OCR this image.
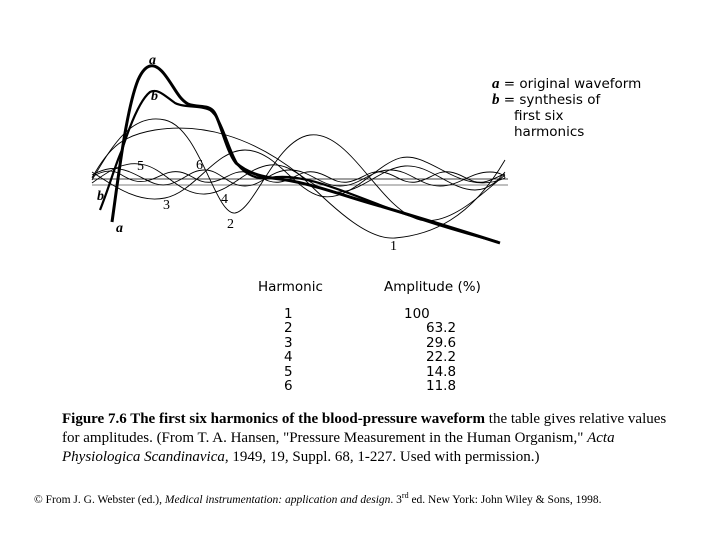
a
b
a
b
1
2
3	4
5	6
a = original waveform
b = synthesis of
first six
harmonics
Harmonic	Amplitude (%)
1	100
2	63.2
3	29.6
4	22.2
5	14.8
6	11.8
Figure 7.6 The first six harmonics of the blood-pressure waveform the table gives relative values for amplitudes. (From T. A. Hansen, "Pressure Measurement in the Human Organism," Acta Physiologica Scandinavica, 1949, 19, Suppl. 68, 1-227. Used with permission.)
© From J. G. Webster (ed.), Medical instrumentation: application and design. 3rd ed. New York: John Wiley & Sons, 1998.
